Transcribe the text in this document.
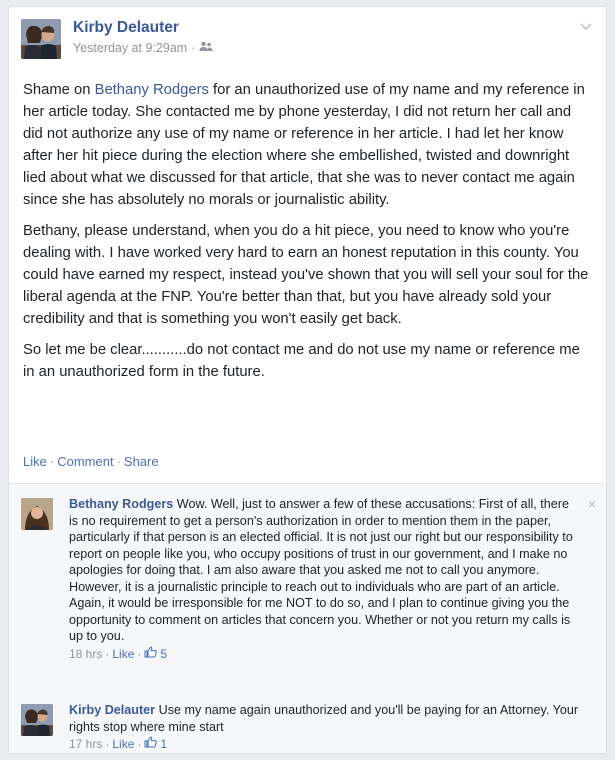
Kirby Delauter
Yesterday at 9:29am ·

Shame on Bethany Rodgers for an unauthorized use of my name and my reference in her article today. She contacted me by phone yesterday, I did not return her call and did not authorize any use of my name or reference in her article. I had let her know after her hit piece during the election where she embellished, twisted and downright lied about what we discussed for that article, that she was to never contact me again since she has absolutely no morals or journalistic ability.

Bethany, please understand, when you do a hit piece, you need to know who you're dealing with. I have worked very hard to earn an honest reputation in this county. You could have earned my respect, instead you've shown that you will sell your soul for the liberal agenda at the FNP. You're better than that, but you have already sold your credibility and that is something you won't easily get back.

So let me be clear...........do not contact me and do not use my name or reference me in an unauthorized form in the future.

Like · Comment · Share
Bethany Rodgers Wow. Well, just to answer a few of these accusations: First of all, there is no requirement to get a person's authorization in order to mention them in the paper, particularly if that person is an elected official. It is not just our right but our responsibility to report on people like you, who occupy positions of trust in our government, and I make no apologies for doing that. I am also aware that you asked me not to call you anymore. However, it is a journalistic principle to reach out to individuals who are part of an article. Again, it would be irresponsible for me NOT to do so, and I plan to continue giving you the opportunity to comment on articles that concern you. Whether or not you return my calls is up to you.
18 hrs · Like · 5
×
Kirby Delauter Use my name again unauthorized and you'll be paying for an Attorney. Your rights stop where mine start
17 hrs · Like · 1
